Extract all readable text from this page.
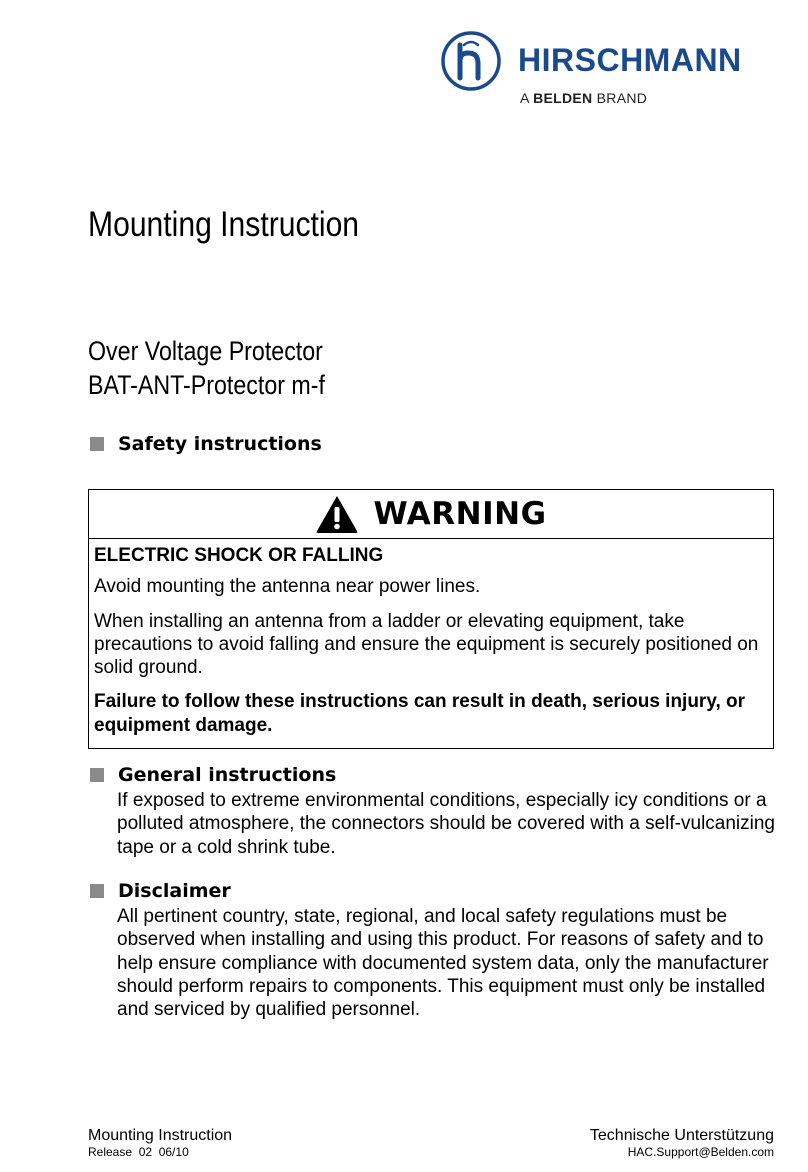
HIRSCHMANN
A BELDEN BRAND
Mounting Instruction
Over Voltage Protector
BAT-ANT-Protector m-f
Safety instructions
WARNING

ELECTRIC SHOCK OR FALLING

Avoid mounting the antenna near power lines.

When installing an antenna from a ladder or elevating equipment, take precautions to avoid falling and ensure the equipment is securely positioned on solid ground.

Failure to follow these instructions can result in death, serious injury, or equipment damage.

General instructions

If exposed to extreme environmental conditions, especially icy conditions or a polluted atmosphere, the connectors should be covered with a self-vulcanizing tape or a cold shrink tube.

Disclaimer

All pertinent country, state, regional, and local safety regulations must be observed when installing and using this product. For reasons of safety and to help ensure compliance with documented system data, only the manufacturer should perform repairs to components. This equipment must only be installed and serviced by qualified personnel.

Mounting Instruction
Release  02  06/10
Technische Unterstützung
HAC.Support@Belden.com
